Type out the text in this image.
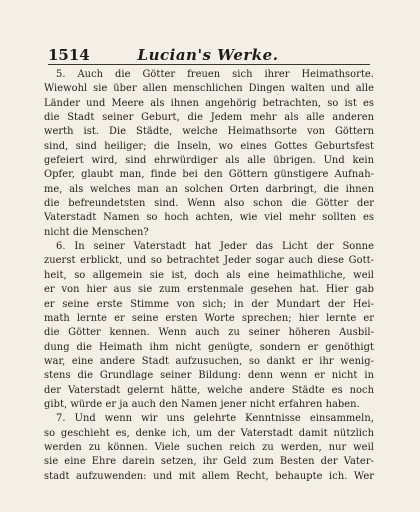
1514	Lucian's Werke.
5. Auch die Götter freuen sich ihrer Heimathsorte.
Wiewohl sie über allen menschlichen Dingen walten und alle
Länder und Meere als ihnen angehörig betrachten, so ist es
die Stadt seiner Geburt, die Jedem mehr als alle anderen
werth ist. Die Städte, welche Heimathsorte von Göttern
sind, sind heiliger; die Inseln, wo eines Gottes Geburtsfest
gefeiert wird, sind ehrwürdiger als alle übrigen. Und kein
Opfer, glaubt man, finde bei den Göttern günstigere Aufnah-
me, als welches man an solchen Orten darbringt, die ihnen
die befreundetsten sind. Wenn also schon die Götter der
Vaterstadt Namen so hoch achten, wie viel mehr sollten es
nicht die Menschen?
6. In seiner Vaterstadt hat Jeder das Licht der Sonne
zuerst erblickt, und so betrachtet Jeder sogar auch diese Gott-
heit, so allgemein sie ist, doch als eine heimathliche, weil
er von hier aus sie zum erstenmale gesehen hat. Hier gab
er seine erste Stimme von sich; in der Mundart der Hei-
math lernte er seine ersten Worte sprechen; hier lernte er
die Götter kennen. Wenn auch zu seiner höheren Ausbil-
dung die Heimath ihm nicht genügte, sondern er genöthigt
war, eine andere Stadt aufzusuchen, so dankt er ihr wenig-
stens die Grundlage seiner Bildung: denn wenn er nicht in
der Vaterstadt gelernt hätte, welche andere Städte es noch
gibt, würde er ja auch den Namen jener nicht erfahren haben.
7. Und wenn wir uns gelehrte Kenntnisse einsammeln,
so geschieht es, denke ich, um der Vaterstadt damit nützlich
werden zu können. Viele suchen reich zu werden, nur weil
sie eine Ehre darein setzen, ihr Geld zum Besten der Vater-
stadt aufzuwenden: und mit allem Recht, behaupte ich. Wer
